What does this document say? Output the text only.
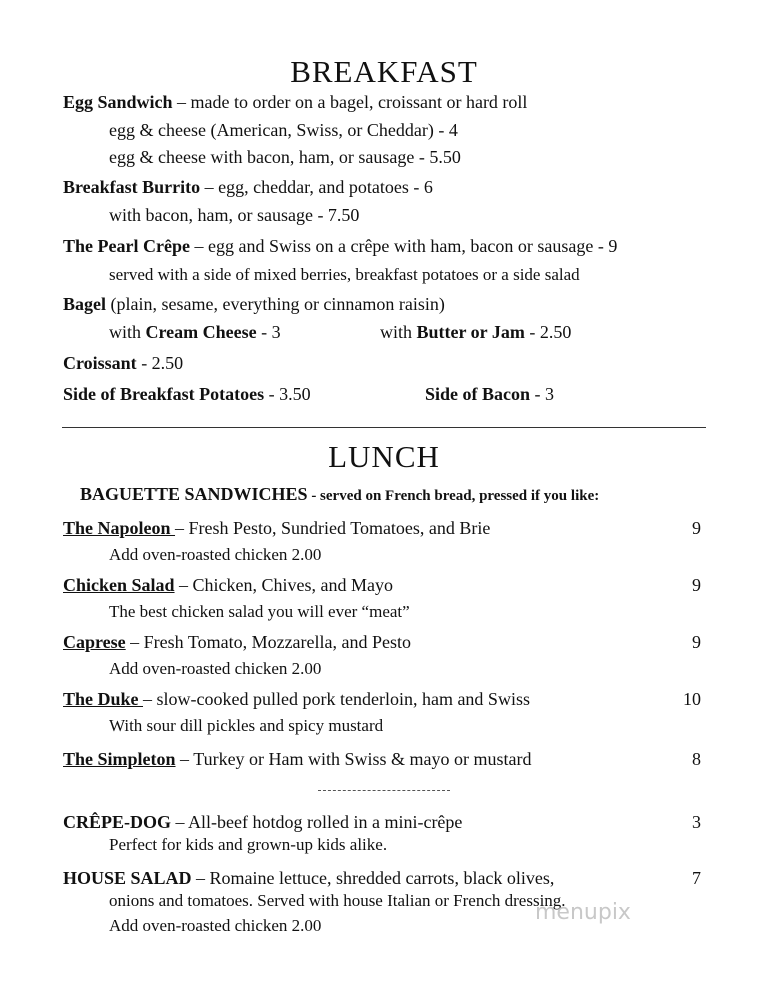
BREAKFAST
Egg Sandwich – made to order on a bagel, croissant or hard roll
egg & cheese (American, Swiss, or Cheddar) - 4
egg & cheese with bacon, ham, or sausage - 5.50
Breakfast Burrito – egg, cheddar, and potatoes - 6
with bacon, ham, or sausage - 7.50
The Pearl Crêpe – egg and Swiss on a crêpe with ham, bacon or sausage - 9
served with a side of mixed berries, breakfast potatoes or a side salad
Bagel (plain, sesame, everything or cinnamon raisin)
with Cream Cheese - 3	with Butter or Jam - 2.50
Croissant - 2.50
Side of Breakfast Potatoes - 3.50	Side of Bacon - 3
LUNCH
BAGUETTE SANDWICHES - served on French bread, pressed if you like:
The Napoleon – Fresh Pesto, Sundried Tomatoes, and Brie	9
Add oven-roasted chicken 2.00
Chicken Salad – Chicken, Chives, and Mayo	9
The best chicken salad you will ever “meat”
Caprese – Fresh Tomato, Mozzarella, and Pesto	9
Add oven-roasted chicken 2.00
The Duke – slow-cooked pulled pork tenderloin, ham and Swiss	10
With sour dill pickles and spicy mustard
The Simpleton – Turkey or Ham with Swiss & mayo or mustard	8
CRÊPE-DOG – All-beef hotdog rolled in a mini-crêpe	3
Perfect for kids and grown-up kids alike.
HOUSE SALAD – Romaine lettuce, shredded carrots, black olives,	7
onions and tomatoes. Served with house Italian or French dressing.
Add oven-roasted chicken 2.00
menupix
